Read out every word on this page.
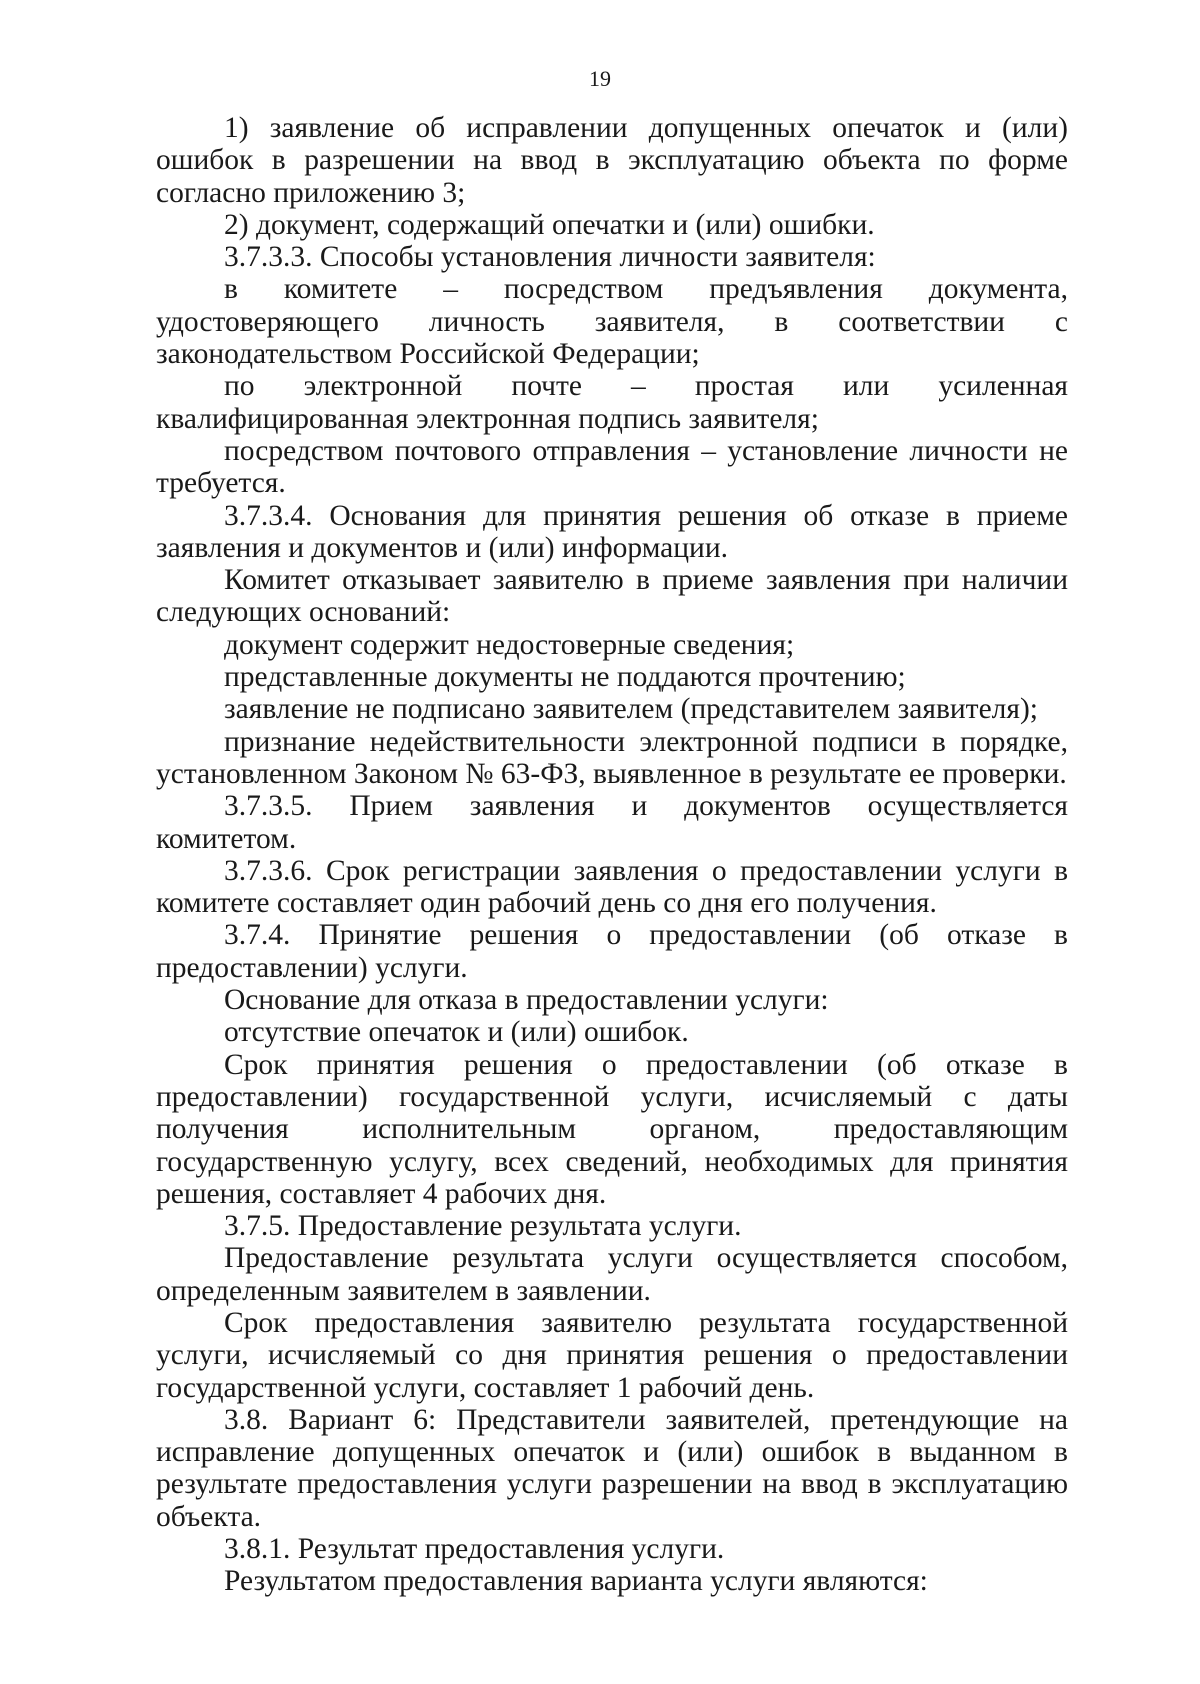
19

1) заявление об исправлении допущенных опечаток и (или) ошибок в разрешении на ввод в эксплуатацию объекта по форме согласно приложению 3;

2) документ, содержащий опечатки и (или) ошибки.

3.7.3.3. Способы установления личности заявителя:

в комитете – посредством предъявления документа, удостоверяющего личность заявителя, в соответствии с законодательством Российской Федерации;

по электронной почте – простая или усиленная квалифицированная электронная подпись заявителя;

посредством почтового отправления – установление личности не требуется.

3.7.3.4. Основания для принятия решения об отказе в приеме заявления и документов и (или) информации.

Комитет отказывает заявителю в приеме заявления при наличии следующих оснований:

документ содержит недостоверные сведения;

представленные документы не поддаются прочтению;

заявление не подписано заявителем (представителем заявителя);

признание недействительности электронной подписи в порядке, установленном Законом № 63-ФЗ, выявленное в результате ее проверки.

3.7.3.5. Прием заявления и документов осуществляется комитетом.

3.7.3.6. Срок регистрации заявления о предоставлении услуги в комитете составляет один рабочий день со дня его получения.

3.7.4. Принятие решения о предоставлении (об отказе в предоставлении) услуги.

Основание для отказа в предоставлении услуги:

отсутствие опечаток и (или) ошибок.

Срок принятия решения о предоставлении (об отказе в предоставлении) государственной услуги, исчисляемый с даты получения исполнительным органом, предоставляющим государственную услугу, всех сведений, необходимых для принятия решения, составляет 4 рабочих дня.

3.7.5. Предоставление результата услуги.

Предоставление результата услуги осуществляется способом, определенным заявителем в заявлении.

Срок предоставления заявителю результата государственной услуги, исчисляемый со дня принятия решения о предоставлении государственной услуги, составляет 1 рабочий день.

3.8. Вариант 6: Представители заявителей, претендующие на исправление допущенных опечаток и (или) ошибок в выданном в результате предоставления услуги разрешении на ввод в эксплуатацию объекта.

3.8.1. Результат предоставления услуги.

Результатом предоставления варианта услуги являются:
